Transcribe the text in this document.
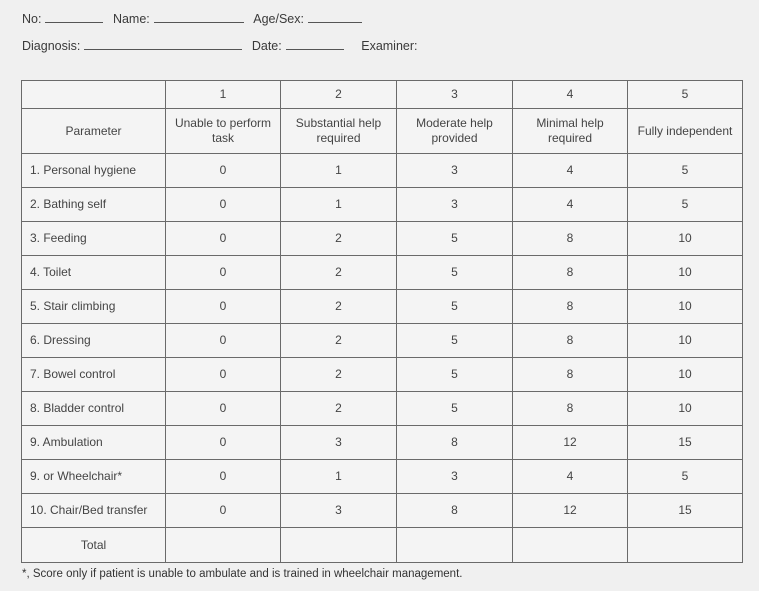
No:	Name:	Age/Sex:
Diagnosis:	Date:	Examiner:
	1	2	3	4	5
Parameter	Unable to perform task	Substantial help required	Moderate help provided	Minimal help required	Fully independent
1. Personal hygiene	0	1	3	4	5
2. Bathing self	0	1	3	4	5
3. Feeding	0	2	5	8	10
4. Toilet	0	2	5	8	10
5. Stair climbing	0	2	5	8	10
6. Dressing	0	2	5	8	10
7. Bowel control	0	2	5	8	10
8. Bladder control	0	2	5	8	10
9. Ambulation	0	3	8	12	15
9. or Wheelchair*	0	1	3	4	5
10. Chair/Bed transfer	0	3	8	12	15
Total					
*, Score only if patient is unable to ambulate and is trained in wheelchair management.
